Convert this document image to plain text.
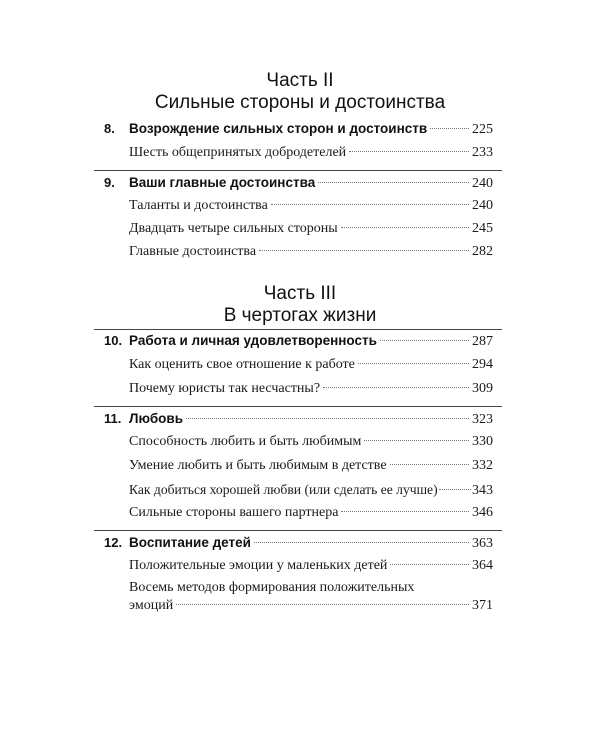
Часть II
Сильные стороны и достоинства
8.	Возрождение сильных сторон и достоинств	225
Шесть общепринятых добродетелей	233
9.	Ваши главные достоинства	240
Таланты и достоинства	240
Двадцать четыре сильных стороны	245
Главные достоинства	282
Часть III
В чертогах жизни
10. Работа и личная удовлетворенность	287
Как оценить свое отношение к работе	294
Почему юристы так несчастны?	309
11. Любовь	323
Способность любить и быть любимым	330
Умение любить и быть любимым в детстве	332
Как добиться хорошей любви (или сделать ее лучше) 343
Сильные стороны вашего партнера	346
12. Воспитание детей	363
Положительные эмоции у маленьких детей	364
Восемь методов формирования положительных
эмоций	371
